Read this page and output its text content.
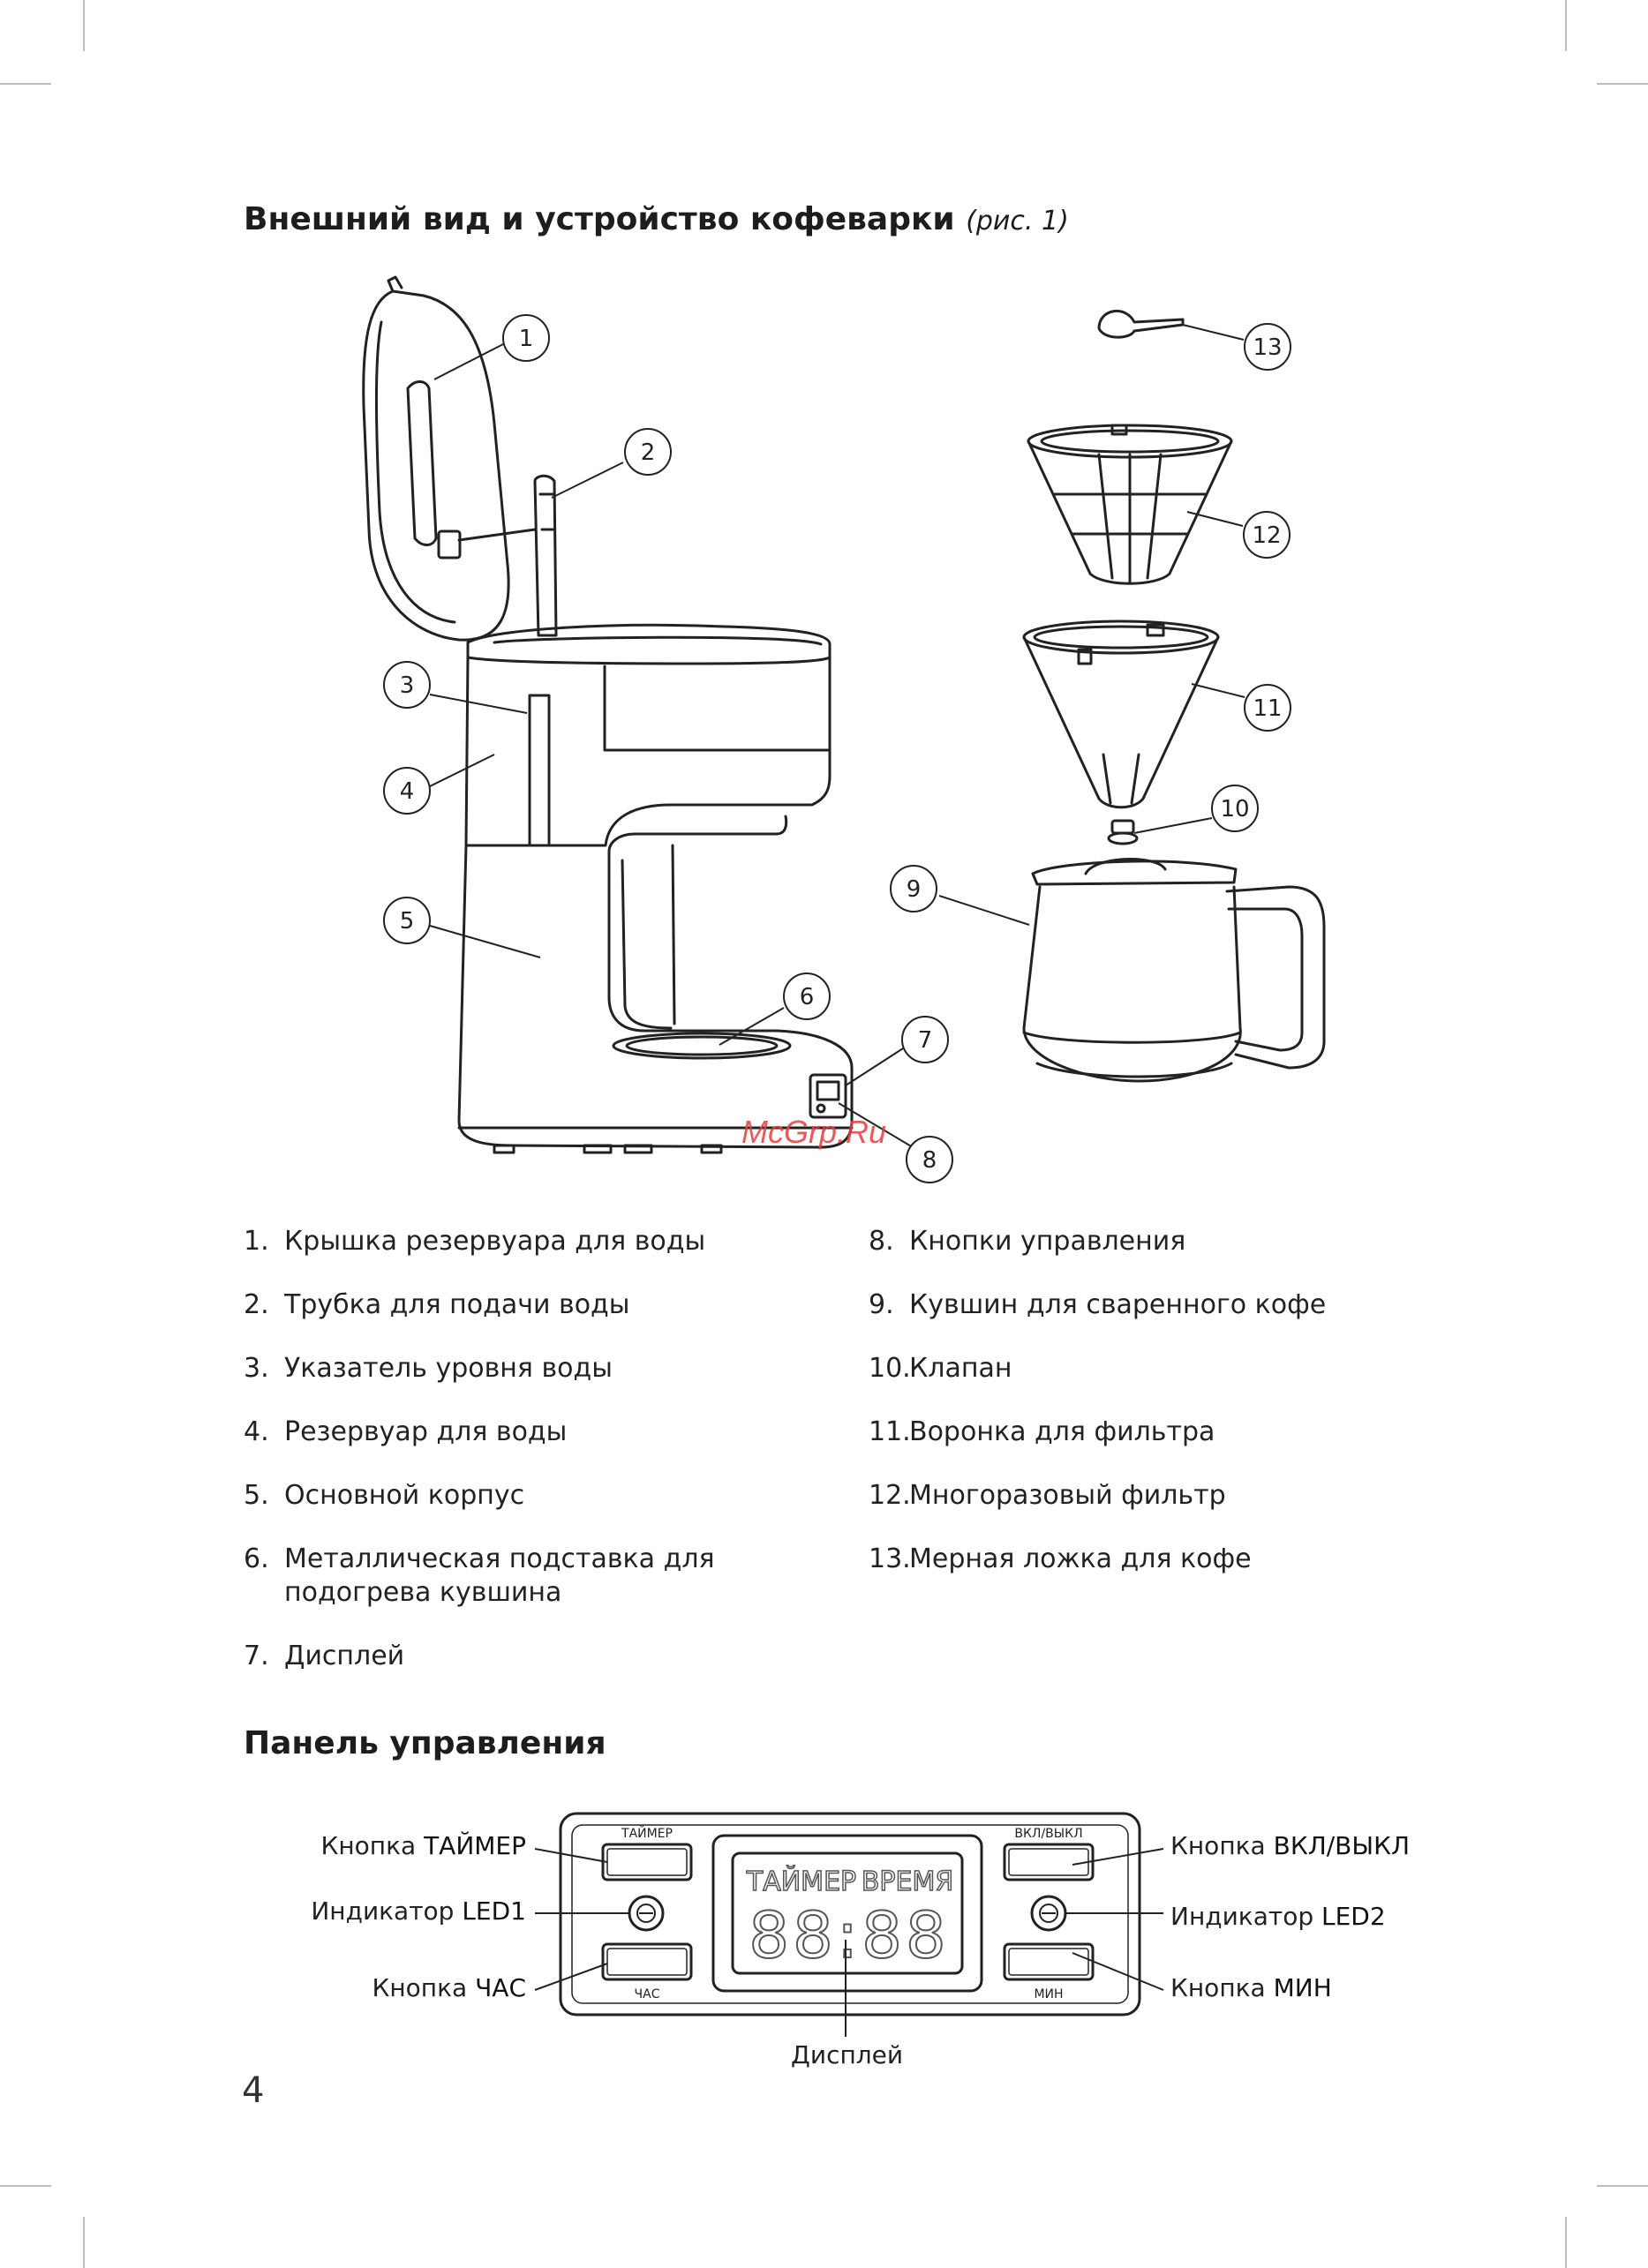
Внешний вид и устройство кофеварки (рис. 1)
1
2
3
4
5
6
7
8
9
10
11
12
13
McGrp.Ru
1. Крышка резервуара для воды
2. Трубка для подачи воды
3. Указатель уровня воды
4. Резервуар для воды
5. Основной корпус
6. Металлическая подставка для
подогрева кувшина
7. Дисплей
8. Кнопки управления
9. Кувшин для сваренного кофе
10.Клапан
11.Воронка для фильтра
12.Многоразовый фильтр
13.Мерная ложка для кофе
Панель управления
ТАЙМЕР
ЧАС
ВКЛ/ВЫКЛ
МИН
ТАЙМЕР ВРЕМЯ
88:88
Кнопка ТАЙМЕР
Индикатор LED1
Кнопка ЧАС
Кнопка ВКЛ/ВЫКЛ
Индикатор LED2
Кнопка МИН
Дисплей
4
